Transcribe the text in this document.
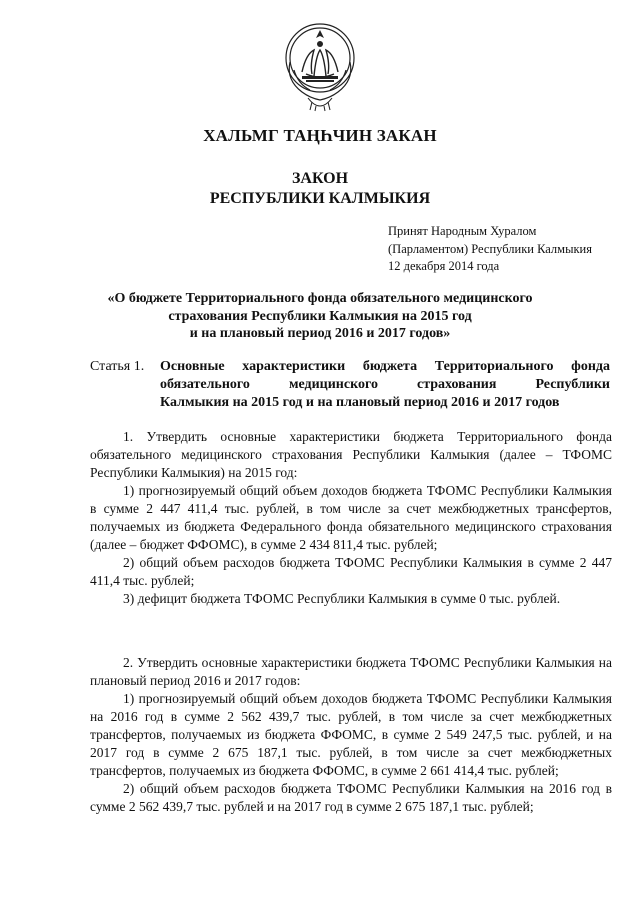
ХАЛЬМГ ТАҢҺЧИН ЗАКАН
ЗАКОН
РЕСПУБЛИКИ КАЛМЫКИЯ
Принят Народным Хуралом
(Парламентом) Республики Калмыкия
12 декабря 2014 года
«О бюджете Территориального фонда обязательного медицинского
страхования Республики Калмыкия на 2015 год
и на плановый период 2016 и 2017 годов»
Статья 1.	Основные характеристики бюджета Территориального фонда
обязательного медицинского страхования Республики
Калмыкия на 2015 год и на плановый период 2016 и 2017 годов

1. Утвердить основные характеристики бюджета Территориального фонда обязательного медицинского страхования Республики Калмыкия (далее – ТФОМС Республики Калмыкия) на 2015 год:

1) прогнозируемый общий объем доходов бюджета ТФОМС Республики Калмыкия в сумме 2 447 411,4 тыс. рублей, в том числе за счет межбюджетных трансфертов, получаемых из бюджета Федерального фонда обязательного медицинского страхования (далее – бюджет ФФОМС), в сумме 2 434 811,4 тыс. рублей;

2) общий объем расходов бюджета ТФОМС Республики Калмыкия в сумме 2 447 411,4 тыс. рублей;

3) дефицит бюджета ТФОМС Республики Калмыкия в сумме 0 тыс. рублей.

2. Утвердить основные характеристики бюджета ТФОМС Республики Калмыкия на плановый период 2016 и 2017 годов:

1) прогнозируемый общий объем доходов бюджета ТФОМС Республики Калмыкия на 2016 год в сумме 2 562 439,7 тыс. рублей, в том числе за счет межбюджетных трансфертов, получаемых из бюджета ФФОМС, в сумме 2 549 247,5 тыс. рублей, и на 2017 год в сумме 2 675 187,1 тыс. рублей, в том числе за счет межбюджетных трансфертов, получаемых из бюджета ФФОМС, в сумме 2 661 414,4 тыс. рублей;

2) общий объем расходов бюджета ТФОМС Республики Калмыкия на 2016 год в сумме 2 562 439,7 тыс. рублей и на 2017 год в сумме 2 675 187,1 тыс. рублей;
